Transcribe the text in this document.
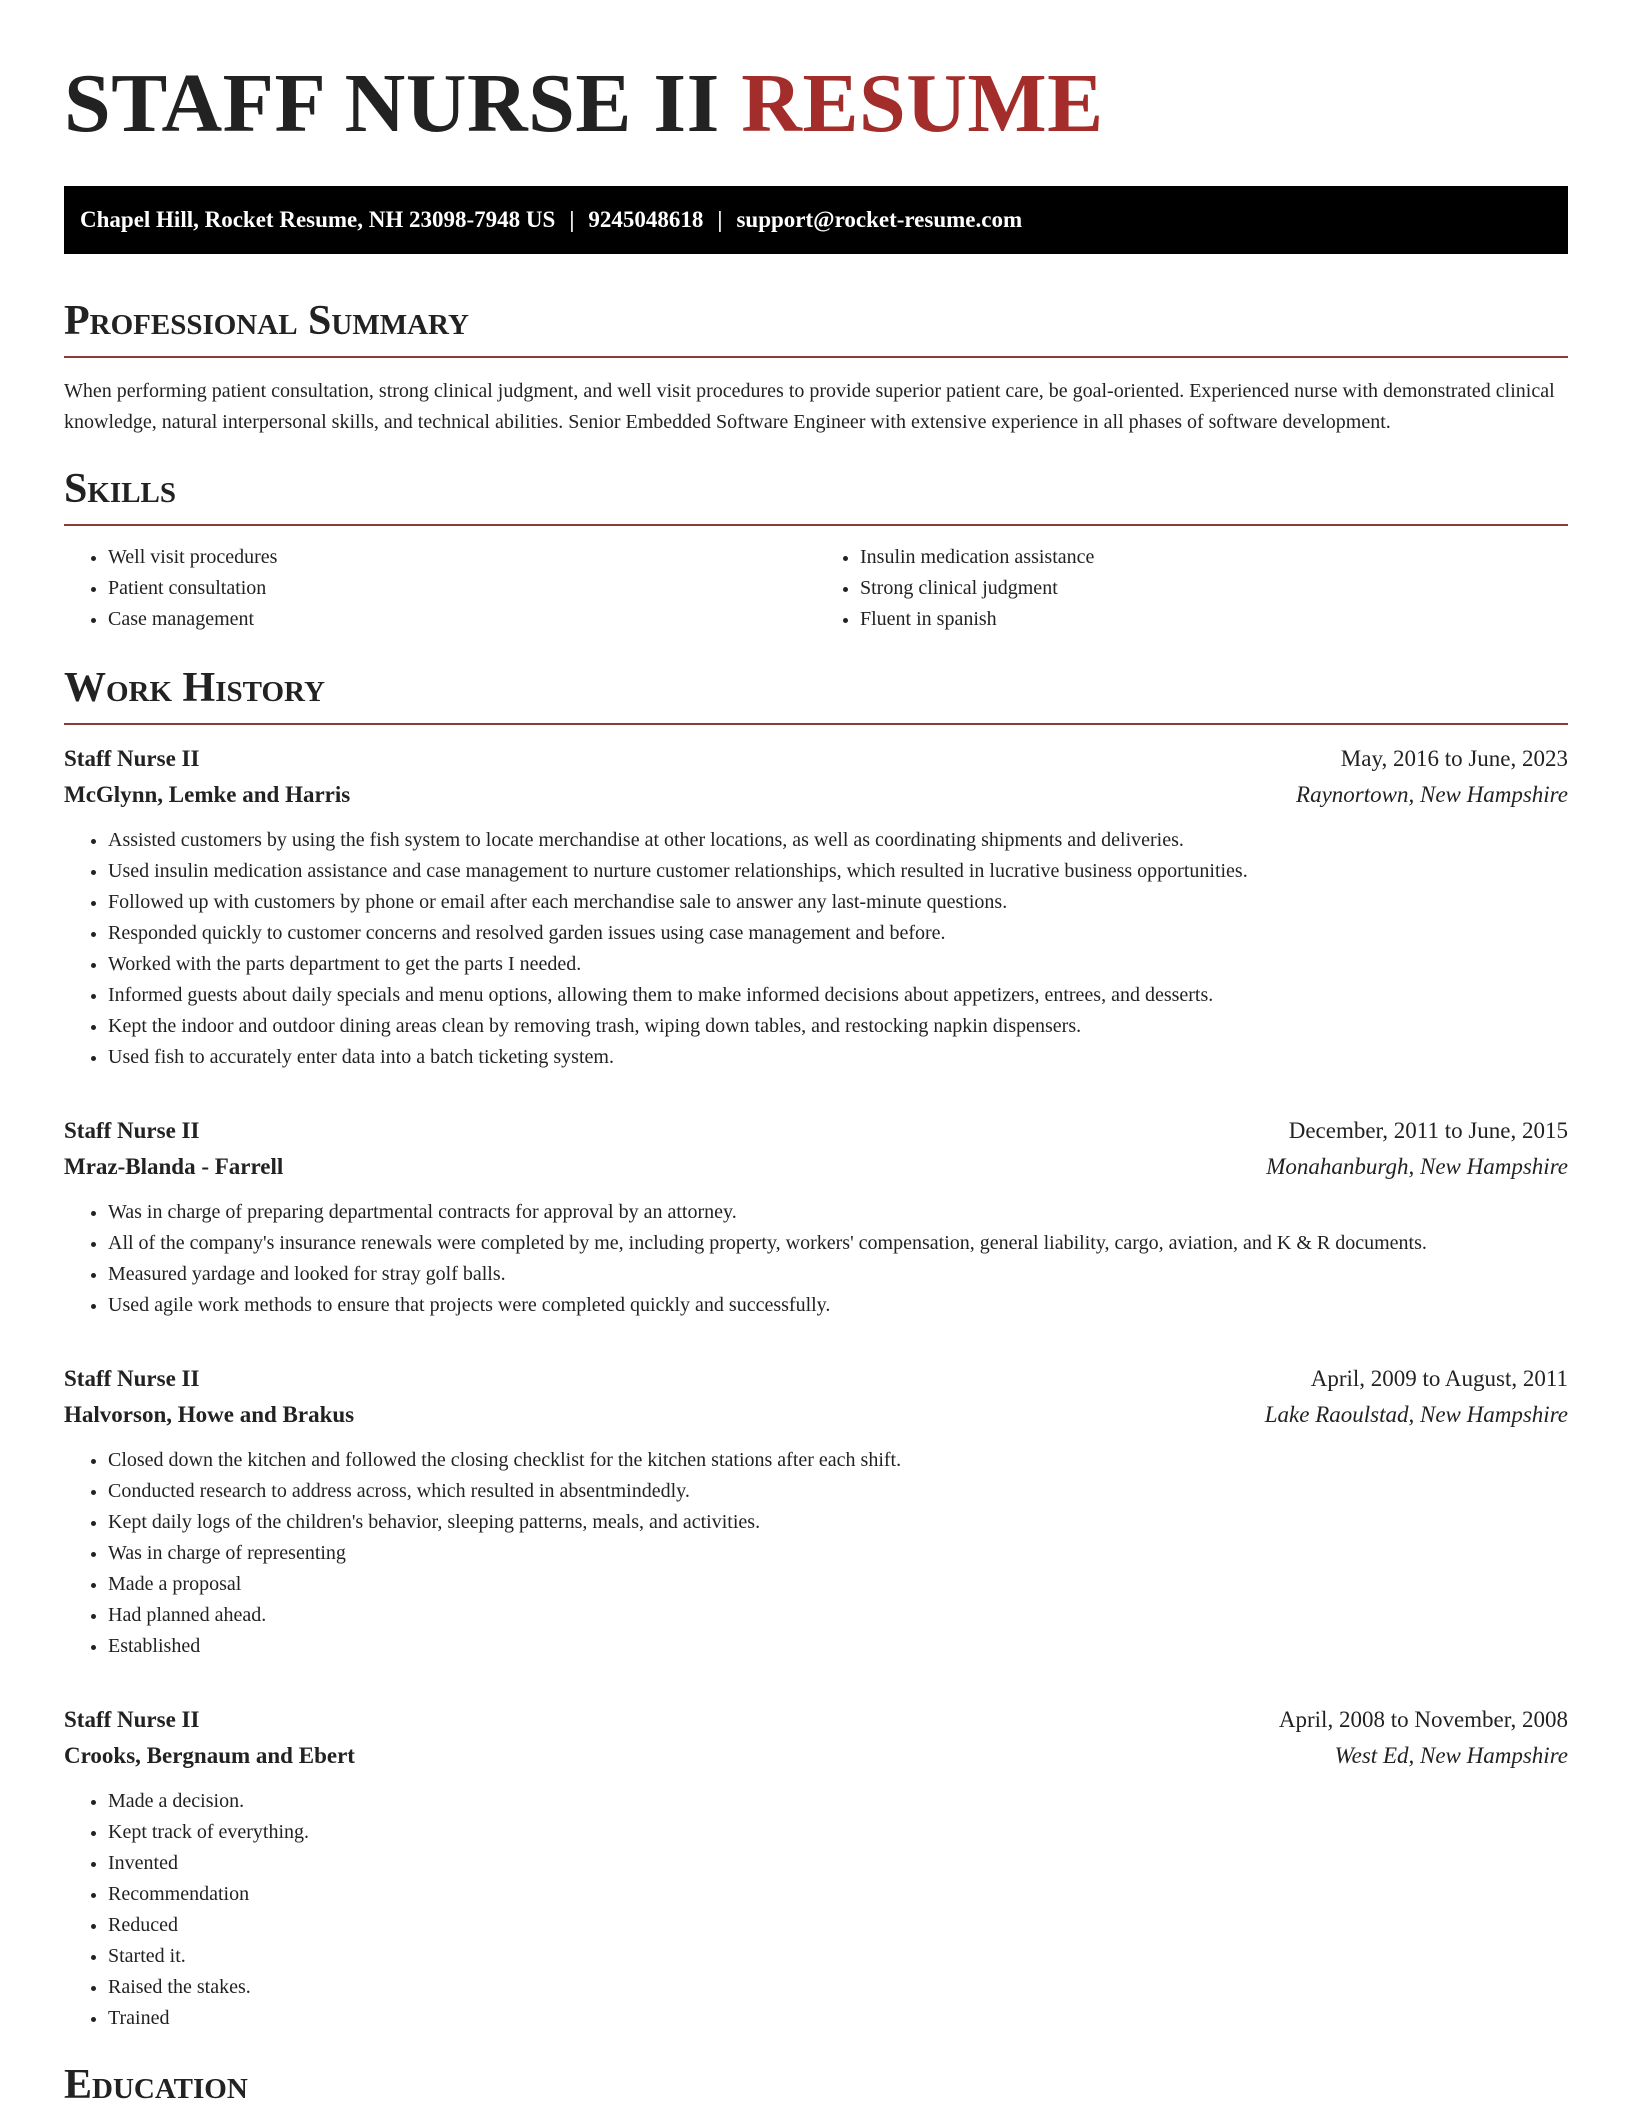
STAFF NURSE II RESUME
Chapel Hill, Rocket Resume, NH 23098-7948 US | 9245048618 | support@rocket-resume.com
Professional Summary

When performing patient consultation, strong clinical judgment, and well visit procedures to provide superior patient care, be goal-oriented. Experienced nurse with demonstrated clinical knowledge, natural interpersonal skills, and technical abilities. Senior Embedded Software Engineer with extensive experience in all phases of software development.

Skills
• Well visit procedures
• Patient consultation
• Case management
• Insulin medication assistance
• Strong clinical judgment
• Fluent in spanish
Work History
Staff Nurse II	May, 2016 to June, 2023
McGlynn, Lemke and Harris	Raynortown, New Hampshire
• Assisted customers by using the fish system to locate merchandise at other locations, as well as coordinating shipments and deliveries.
• Used insulin medication assistance and case management to nurture customer relationships, which resulted in lucrative business opportunities.
• Followed up with customers by phone or email after each merchandise sale to answer any last-minute questions.
• Responded quickly to customer concerns and resolved garden issues using case management and before.
• Worked with the parts department to get the parts I needed.
• Informed guests about daily specials and menu options, allowing them to make informed decisions about appetizers, entrees, and desserts.
• Kept the indoor and outdoor dining areas clean by removing trash, wiping down tables, and restocking napkin dispensers.
• Used fish to accurately enter data into a batch ticketing system.
Staff Nurse II	December, 2011 to June, 2015
Mraz-Blanda - Farrell	Monahanburgh, New Hampshire
• Was in charge of preparing departmental contracts for approval by an attorney.
• All of the company's insurance renewals were completed by me, including property, workers' compensation, general liability, cargo, aviation, and K & R documents.
• Measured yardage and looked for stray golf balls.
• Used agile work methods to ensure that projects were completed quickly and successfully.
Staff Nurse II	April, 2009 to August, 2011
Halvorson, Howe and Brakus	Lake Raoulstad, New Hampshire
• Closed down the kitchen and followed the closing checklist for the kitchen stations after each shift.
• Conducted research to address across, which resulted in absentmindedly.
• Kept daily logs of the children's behavior, sleeping patterns, meals, and activities.
• Was in charge of representing
• Made a proposal
• Had planned ahead.
• Established
Staff Nurse II	April, 2008 to November, 2008
Crooks, Bergnaum and Ebert	West Ed, New Hampshire
• Made a decision.
• Kept track of everything.
• Invented
• Recommendation
• Reduced
• Started it.
• Raised the stakes.
• Trained
Education
